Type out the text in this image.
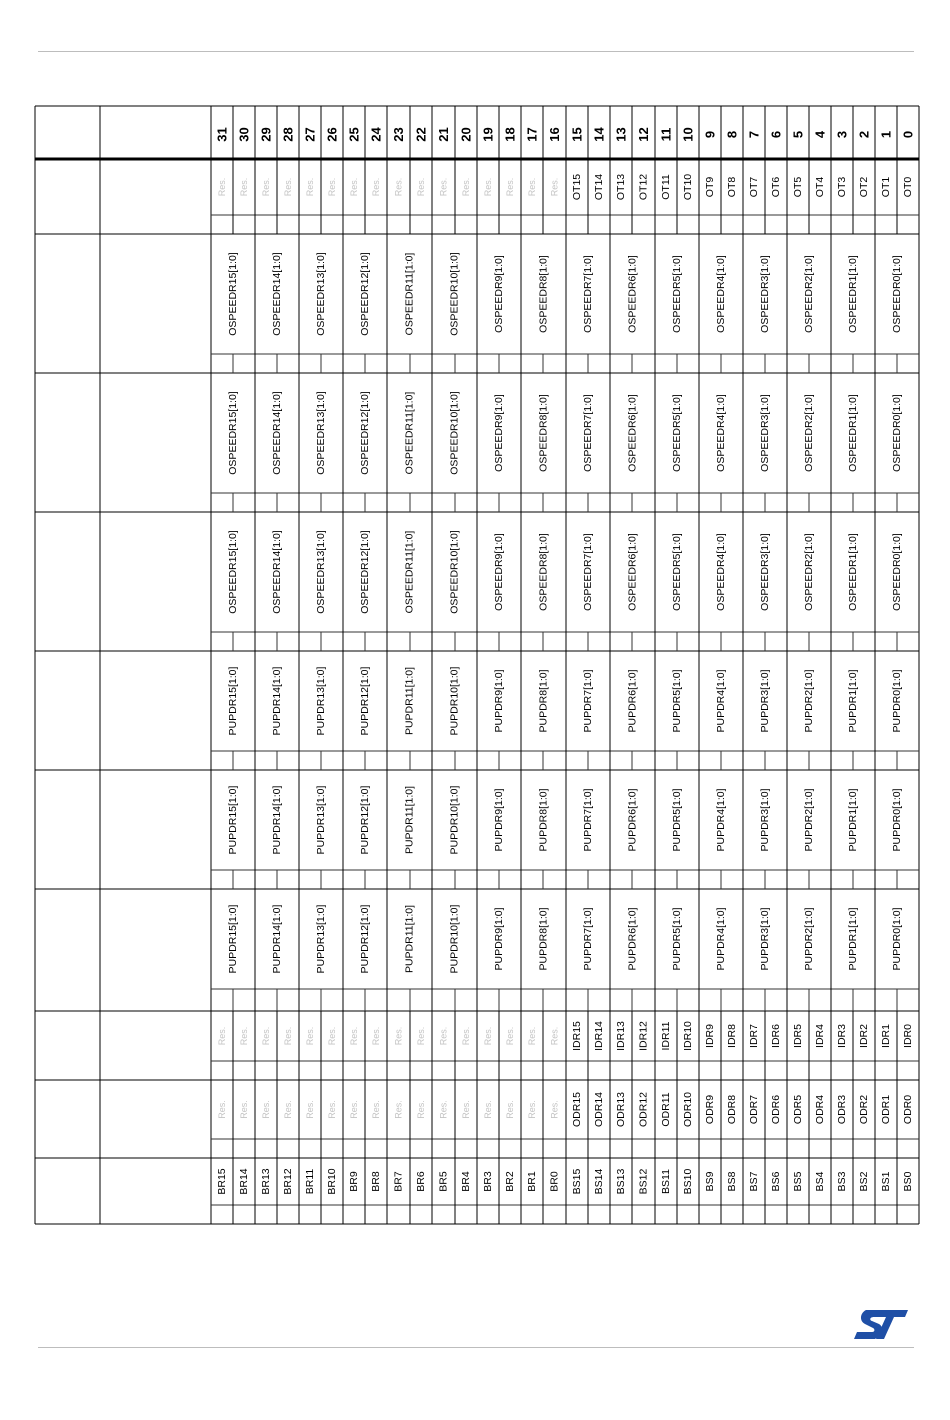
31 30 29 28 27 26 25 24 23 22 21 20 19 18 17 16 15 14 13 12 11 10 9 8 7 6 5 4 3 2 1 0
Res. Res. Res. Res. Res. Res. Res. Res. Res. Res. Res. Res. Res. Res. Res. Res. OT15 OT14 OT13 OT12 OT11 OT10 OT9 OT8 OT7 OT6 OT5 OT4 OT3 OT2 OT1 OT0
OSPEEDR15[1:0]	OSPEEDR14[1:0]	OSPEEDR13[1:0]	OSPEEDR12[1:0]	OSPEEDR11[1:0]	OSPEEDR10[1:0]	OSPEEDR9[1:0]	OSPEEDR8[1:0]	OSPEEDR7[1:0]	OSPEEDR6[1:0]	OSPEEDR5[1:0]	OSPEEDR4[1:0]	OSPEEDR3[1:0]	OSPEEDR2[1:0]	OSPEEDR1[1:0]	OSPEEDR0[1:0]
OSPEEDR15[1:0]	OSPEEDR14[1:0]	OSPEEDR13[1:0]	OSPEEDR12[1:0]	OSPEEDR11[1:0]	OSPEEDR10[1:0]	OSPEEDR9[1:0]	OSPEEDR8[1:0]	OSPEEDR7[1:0]	OSPEEDR6[1:0]	OSPEEDR5[1:0]	OSPEEDR4[1:0]	OSPEEDR3[1:0]	OSPEEDR2[1:0]	OSPEEDR1[1:0]	OSPEEDR0[1:0]
OSPEEDR15[1:0]	OSPEEDR14[1:0]	OSPEEDR13[1:0]	OSPEEDR12[1:0]	OSPEEDR11[1:0]	OSPEEDR10[1:0]	OSPEEDR9[1:0]	OSPEEDR8[1:0]	OSPEEDR7[1:0]	OSPEEDR6[1:0]	OSPEEDR5[1:0]	OSPEEDR4[1:0]	OSPEEDR3[1:0]	OSPEEDR2[1:0]	OSPEEDR1[1:0]	OSPEEDR0[1:0]
PUPDR15[1:0]	PUPDR14[1:0]	PUPDR13[1:0]	PUPDR12[1:0]	PUPDR11[1:0]	PUPDR10[1:0]	PUPDR9[1:0]	PUPDR8[1:0]	PUPDR7[1:0]	PUPDR6[1:0]	PUPDR5[1:0]	PUPDR4[1:0]	PUPDR3[1:0]	PUPDR2[1:0]	PUPDR1[1:0]	PUPDR0[1:0]
PUPDR15[1:0]	PUPDR14[1:0]	PUPDR13[1:0]	PUPDR12[1:0]	PUPDR11[1:0]	PUPDR10[1:0]	PUPDR9[1:0]	PUPDR8[1:0]	PUPDR7[1:0]	PUPDR6[1:0]	PUPDR5[1:0]	PUPDR4[1:0]	PUPDR3[1:0]	PUPDR2[1:0]	PUPDR1[1:0]	PUPDR0[1:0]
PUPDR15[1:0]	PUPDR14[1:0]	PUPDR13[1:0]	PUPDR12[1:0]	PUPDR11[1:0]	PUPDR10[1:0]	PUPDR9[1:0]	PUPDR8[1:0]	PUPDR7[1:0]	PUPDR6[1:0]	PUPDR5[1:0]	PUPDR4[1:0]	PUPDR3[1:0]	PUPDR2[1:0]	PUPDR1[1:0]	PUPDR0[1:0]
Res. Res. Res. Res. Res. Res. Res. Res. Res. Res. Res. Res. Res. Res. Res. Res. IDR15 IDR14 IDR13 IDR12 IDR11 IDR10 IDR9 IDR8 IDR7 IDR6 IDR5 IDR4 IDR3 IDR2 IDR1 IDR0
Res. Res. Res. Res. Res. Res. Res. Res. Res. Res. Res. Res. Res. Res. Res. Res. ODR15 ODR14 ODR13 ODR12 ODR11 ODR10 ODR9 ODR8 ODR7 ODR6 ODR5 ODR4 ODR3 ODR2 ODR1 ODR0
BR15 BR14 BR13 BR12 BR11 BR10 BR9 BR8 BR7 BR6 BR5 BR4 BR3 BR2 BR1 BR0 BS15 BS14 BS13 BS12 BS11 BS10 BS9 BS8 BS7 BS6 BS5 BS4 BS3 BS2 BS1 BS0
